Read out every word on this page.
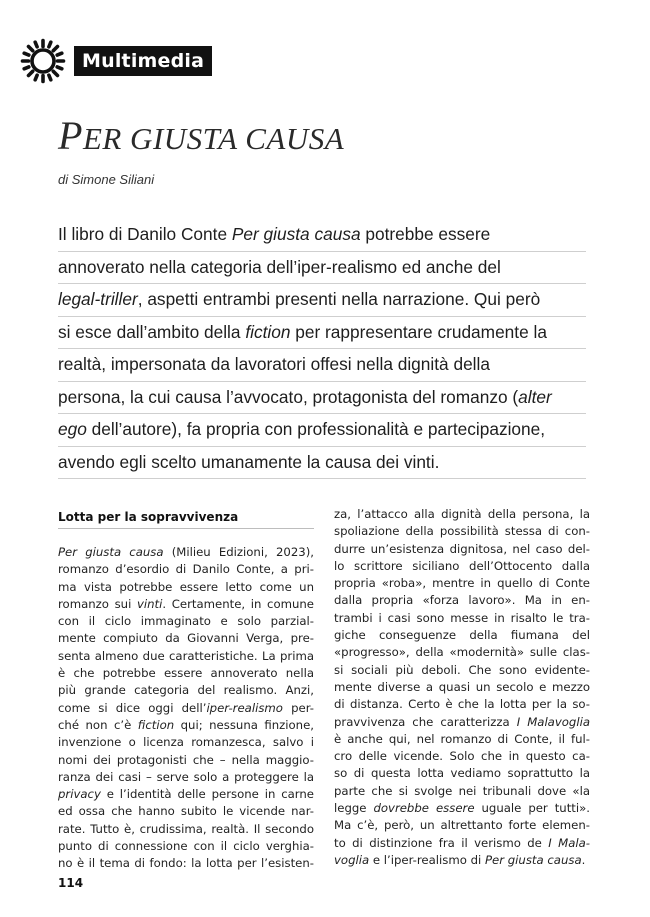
Multimedia
PER GIUSTA CAUSA
di Simone Siliani
Il libro di Danilo Conte Per giusta causa potrebbe essere
annoverato nella categoria dell’iper-realismo ed anche del
legal-triller, aspetti entrambi presenti nella narrazione. Qui però
si esce dall’ambito della fiction per rappresentare crudamente la
realtà, impersonata da lavoratori offesi nella dignità della
persona, la cui causa l’avvocato, protagonista del romanzo (alter
ego dell’autore), fa propria con professionalità e partecipazione,
avendo egli scelto umanamente la causa dei vinti.
Lotta per la sopravvivenza
Per giusta causa (Milieu Edizioni, 2023),
romanzo d’esordio di Danilo Conte, a pri-
ma vista potrebbe essere letto come un
romanzo sui vinti. Certamente, in comune
con il ciclo immaginato e solo parzial-
mente compiuto da Giovanni Verga, pre-
senta almeno due caratteristiche. La prima
è che potrebbe essere annoverato nella
più grande categoria del realismo. Anzi,
come si dice oggi dell’iper-realismo per-
ché non c’è fiction qui; nessuna finzione,
invenzione o licenza romanzesca, salvo i
nomi dei protagonisti che – nella maggio-
ranza dei casi – serve solo a proteggere la
privacy e l’identità delle persone in carne
ed ossa che hanno subito le vicende nar-
rate. Tutto è, crudissima, realtà. Il secondo
punto di connessione con il ciclo verghia-
no è il tema di fondo: la lotta per l’esisten-
za, l’attacco alla dignità della persona, la
spoliazione della possibilità stessa di con-
durre un’esistenza dignitosa, nel caso del-
lo scrittore siciliano dell’Ottocento dalla
propria «roba», mentre in quello di Conte
dalla propria «forza lavoro». Ma in en-
trambi i casi sono messe in risalto le tra-
giche conseguenze della fiumana del
«progresso», della «modernità» sulle clas-
si sociali più deboli. Che sono evidente-
mente diverse a quasi un secolo e mezzo
di distanza. Certo è che la lotta per la so-
pravvivenza che caratterizza I Malavoglia
è anche qui, nel romanzo di Conte, il ful-
cro delle vicende. Solo che in questo ca-
so di questa lotta vediamo soprattutto la
parte che si svolge nei tribunali dove «la
legge dovrebbe essere uguale per tutti».
Ma c’è, però, un altrettanto forte elemen-
to di distinzione fra il verismo de I Mala-
voglia e l’iper-realismo di Per giusta causa.
114
